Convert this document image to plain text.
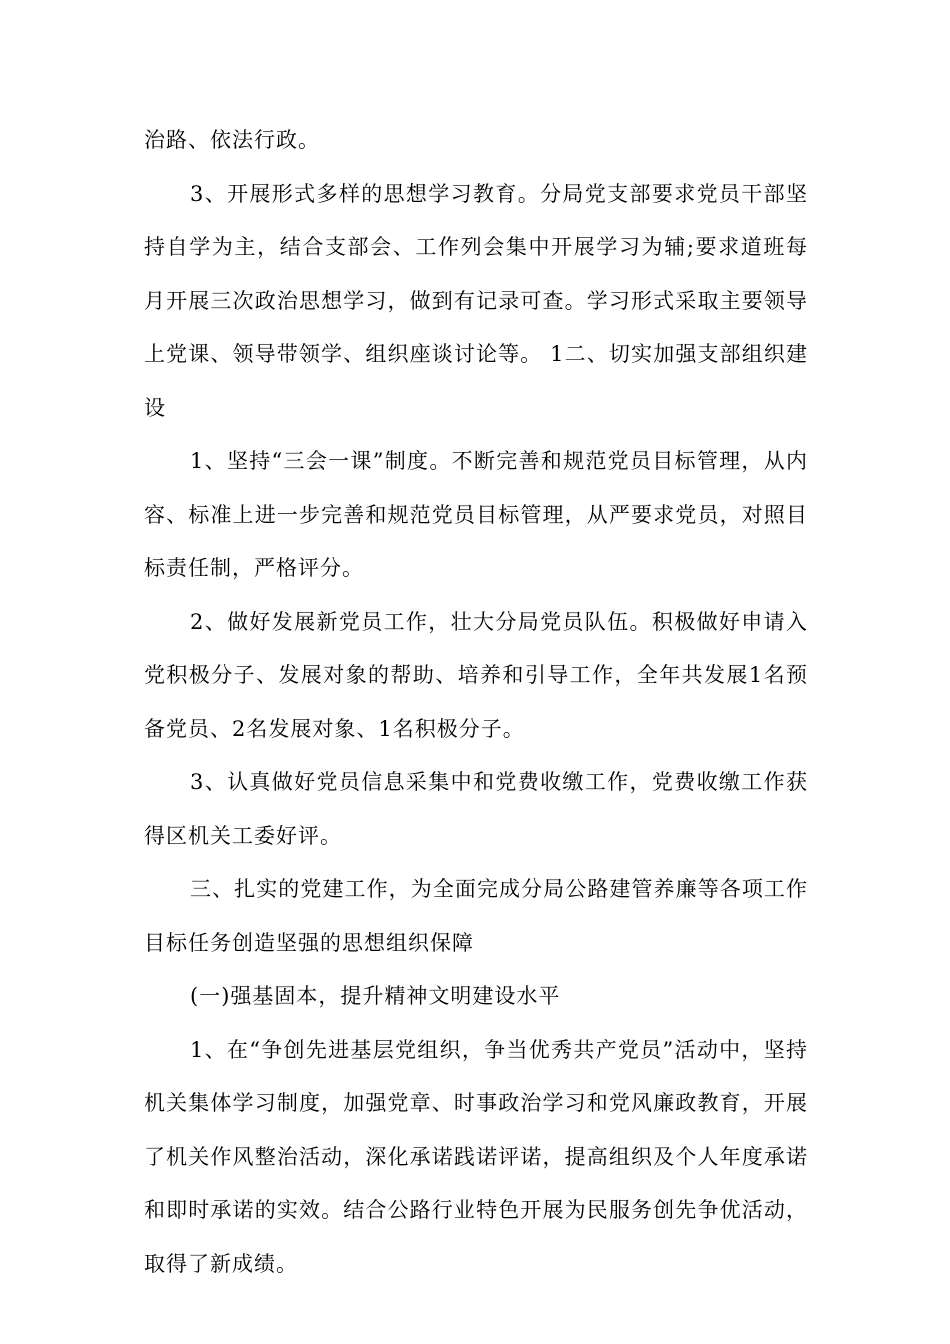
治路、依法行政。

3、开展形式多样的思想学习教育。分局党支部要求党员干部坚持自学为主，结合支部会、工作列会集中开展学习为辅;要求道班每月开展三次政治思想学习，做到有记录可查。学习形式采取主要领导上党课、领导带领学、组织座谈讨论等。 1二、切实加强支部组织建设

1、坚持“三会一课”制度。不断完善和规范党员目标管理，从内容、标准上进一步完善和规范党员目标管理，从严要求党员，对照目标责任制，严格评分。

2、做好发展新党员工作，壮大分局党员队伍。积极做好申请入党积极分子、发展对象的帮助、培养和引导工作，全年共发展1名预备党员、2名发展对象、1名积极分子。

3、认真做好党员信息采集中和党费收缴工作，党费收缴工作获得区机关工委好评。

三、扎实的党建工作，为全面完成分局公路建管养廉等各项工作目标任务创造坚强的思想组织保障

(一)强基固本，提升精神文明建设水平

1、在“争创先进基层党组织，争当优秀共产党员”活动中，坚持机关集体学习制度，加强党章、时事政治学习和党风廉政教育，开展了机关作风整治活动，深化承诺践诺评诺，提高组织及个人年度承诺和即时承诺的实效。结合公路行业特色开展为民服务创先争优活动，取得了新成绩。
